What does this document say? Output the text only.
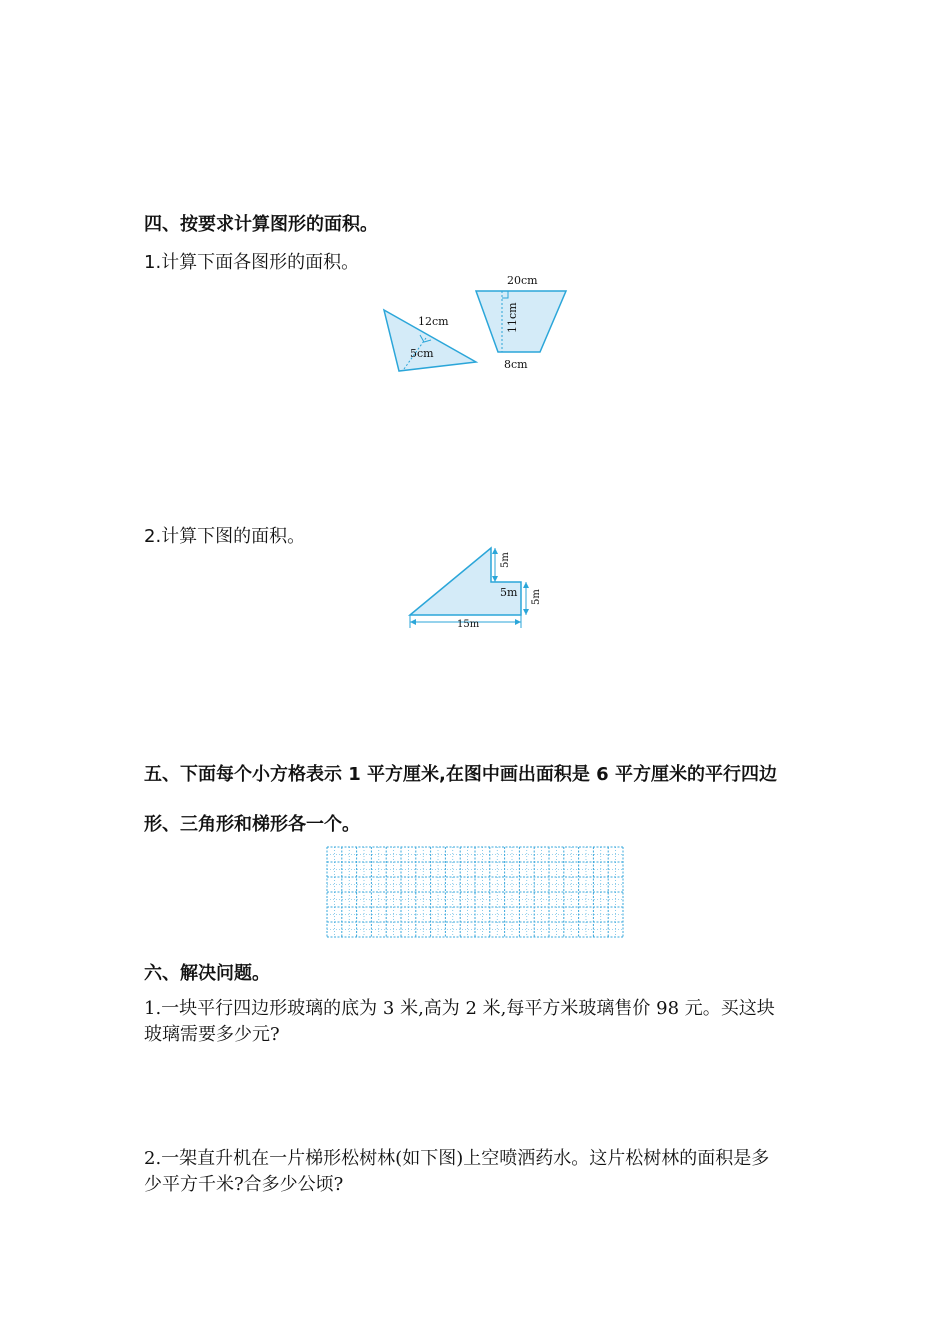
四、按要求计算图形的面积。
1.计算下面各图形的面积。
12cm
5cm
20cm
11cm
8cm
2.计算下图的面积。
5m
5m 5m
15m
五、下面每个小方格表示 1 平方厘米,在图中画出面积是 6 平方厘米的平行四边
形、三角形和梯形各一个。
六、解决问题。
1.一块平行四边形玻璃的底为 3 米,高为 2 米,每平方米玻璃售价 98 元。买这块
玻璃需要多少元?
2.一架直升机在一片梯形松树林(如下图)上空喷洒药水。这片松树林的面积是多
少平方千米?合多少公顷?
